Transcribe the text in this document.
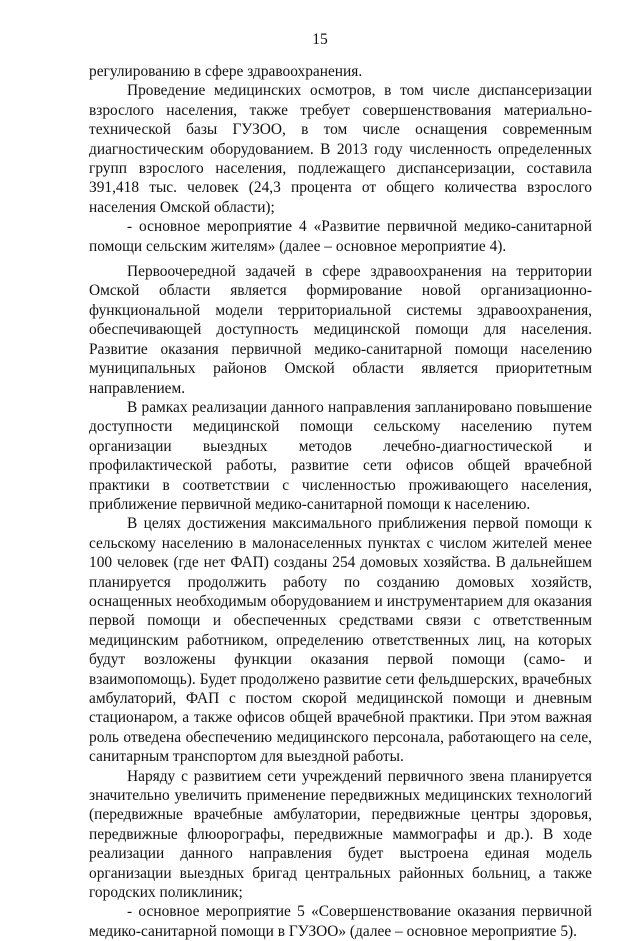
15

регулированию в сфере здравоохранения.

Проведение медицинских осмотров, в том числе диспансеризации взрослого населения, также требует совершенствования материально-технической базы ГУЗОО, в том числе оснащения современным диагностическим оборудованием. В 2013 году численность определенных групп взрослого населения, подлежащего диспансеризации, составила 391,418 тыс. человек (24,3 процента от общего количества взрослого населения Омской области);

- основное мероприятие 4 «Развитие первичной медико-санитарной помощи сельским жителям» (далее – основное мероприятие 4).

Первоочередной задачей в сфере здравоохранения на территории Омской области является формирование новой организационно-функциональной модели территориальной системы здравоохранения, обеспечивающей доступность медицинской помощи для населения. Развитие оказания первичной медико-санитарной помощи населению муниципальных районов Омской области является приоритетным направлением.

В рамках реализации данного направления запланировано повышение доступности медицинской помощи сельскому населению путем организации выездных методов лечебно-диагностической и профилактической работы, развитие сети офисов общей врачебной практики в соответствии с численностью проживающего населения, приближение первичной медико-санитарной помощи к населению.

В целях достижения максимального приближения первой помощи к сельскому населению в малонаселенных пунктах с числом жителей менее 100 человек (где нет ФАП) созданы 254 домовых хозяйства. В дальнейшем планируется продолжить работу по созданию домовых хозяйств, оснащенных необходимым оборудованием и инструментарием для оказания первой помощи и обеспеченных средствами связи с ответственным медицинским работником, определению ответственных лиц, на которых будут возложены функции оказания первой помощи (само- и взаимопомощь). Будет продолжено развитие сети фельдшерских, врачебных амбулаторий, ФАП с постом скорой медицинской помощи и дневным стационаром, а также офисов общей врачебной практики. При этом важная роль отведена обеспечению медицинского персонала, работающего на селе, санитарным транспортом для выездной работы.

Наряду с развитием сети учреждений первичного звена планируется значительно увеличить применение передвижных медицинских технологий (передвижные врачебные амбулатории, передвижные центры здоровья, передвижные флюорографы, передвижные маммографы и др.). В ходе реализации данного направления будет выстроена единая модель организации выездных бригад центральных районных больниц, а также городских поликлиник;

- основное мероприятие 5 «Совершенствование оказания первичной медико-санитарной помощи в ГУЗОО» (далее – основное мероприятие 5).
